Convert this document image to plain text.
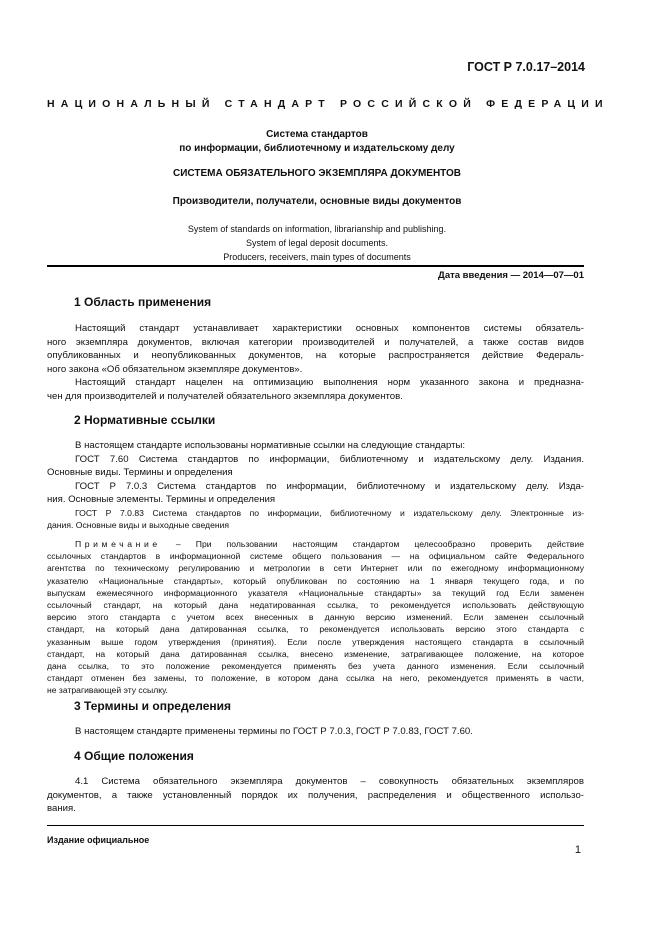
ГОСТ Р 7.0.17–2014
НАЦИОНАЛЬНЫЙ СТАНДАРТ РОССИЙСКОЙ ФЕДЕРАЦИИ
Система стандартов
по информации, библиотечному и издательскому делу
СИСТЕМА ОБЯЗАТЕЛЬНОГО ЭКЗЕМПЛЯРА ДОКУМЕНТОВ
Производители, получатели, основные виды документов
System of standards on information, librarianship and publishing.
System of legal deposit documents.
Producers, receivers, main types of documents
Дата введения — 2014—07—01
1 Область применения
Настоящий стандарт устанавливает характеристики основных компонентов системы обязатель-
ного экземпляра документов, включая категории производителей и получателей, а также состав видов
опубликованных и неопубликованных документов, на которые распространяется действие Федераль-
ного закона «Об обязательном экземпляре документов».
Настоящий стандарт нацелен на оптимизацию выполнения норм указанного закона и предназна-
чен для производителей и получателей обязательного экземпляра документов.
2 Нормативные ссылки
В настоящем стандарте использованы нормативные ссылки на следующие стандарты:
ГОСТ 7.60 Система стандартов по информации, библиотечному и издательскому делу. Издания.
Основные виды. Термины и определения
ГОСТ Р 7.0.3 Система стандартов по информации, библиотечному и издательскому делу. Изда-
ния. Основные элементы. Термины и определения
ГОСТ Р 7.0.83 Система стандартов по информации, библиотечному и издательскому делу. Электронные из-
дания. Основные виды и выходные сведения
Примечание – При пользовании настоящим стандартом целесообразно проверить действие
ссылочных стандартов в информационной системе общего пользования — на официальном сайте Федерального
агентства по техническому регулированию и метрологии в сети Интернет или по ежегодному информационному
указателю «Национальные стандарты», который опубликован по состоянию на 1 января текущего года, и по
выпускам ежемесячного информационного указателя «Национальные стандарты» за текущий год Если заменен
ссылочный стандарт, на который дана недатированная ссылка, то рекомендуется использовать действующую
версию этого стандарта с учетом всех внесенных в данную версию изменений. Если заменен ссылочный
стандарт, на который дана датированная ссылка, то рекомендуется использовать версию этого стандарта с
указанным выше годом утверждения (принятия). Если после утверждения настоящего стандарта в ссылочный
стандарт, на который дана датированная ссылка, внесено изменение, затрагивающее положение, на которое
дана ссылка, то это положение рекомендуется применять без учета данного изменения. Если ссылочный
стандарт отменен без замены, то положение, в котором дана ссылка на него, рекомендуется применять в части,
не затрагивающей эту ссылку.
3 Термины и определения
В настоящем стандарте применены термины по ГОСТ Р 7.0.3, ГОСТ Р 7.0.83, ГОСТ 7.60.
4 Общие положения
4.1 Система обязательного экземпляра документов – совокупность обязательных экземпляров
документов, а также установленный порядок их получения, распределения и общественного использо-
вания.
Издание официальное
1
